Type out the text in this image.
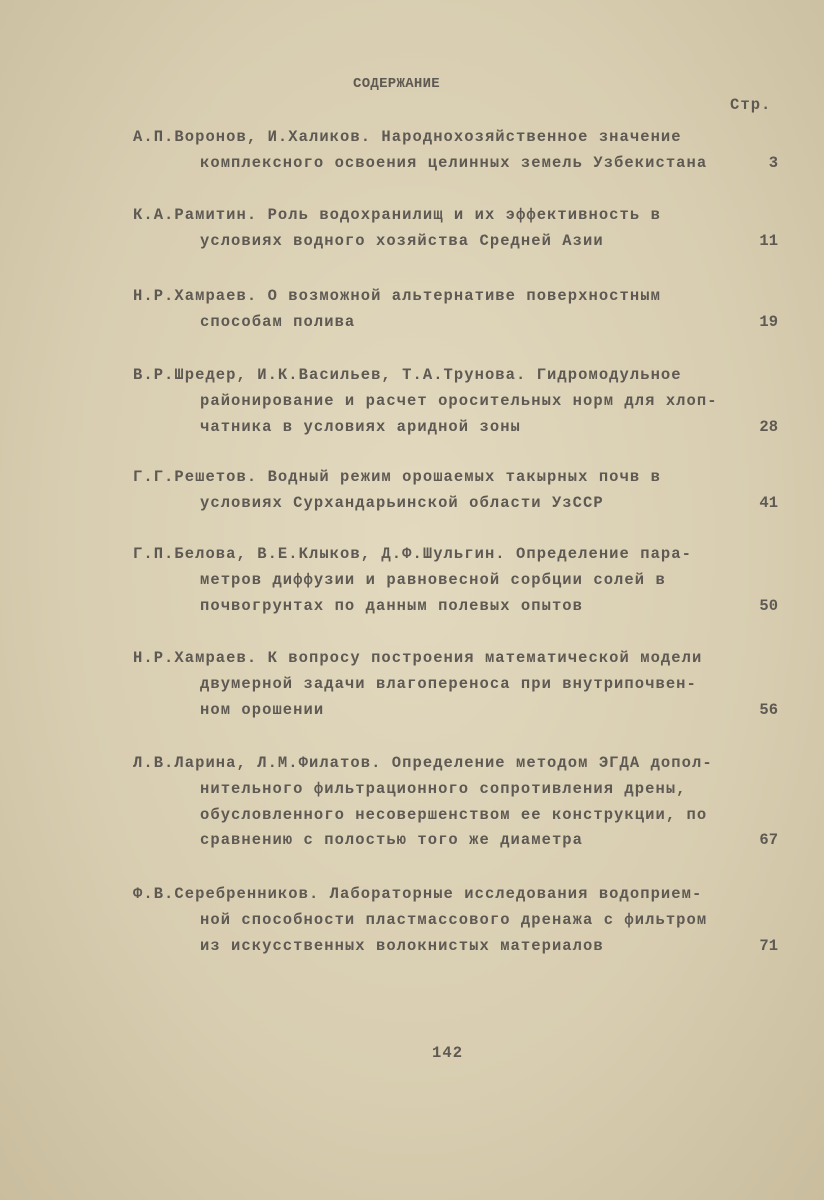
СОДЕРЖАНИЕ
Стр.
А.П.Воронов, И.Халиков. Народнохозяйственное значение
комплексного освоения целинных земель Узбекистана	3
К.А.Рамитин. Роль водохранилищ и их эффективность в
условиях водного хозяйства Средней Азии	11
Н.Р.Хамраев. О возможной альтернативе поверхностным
способам полива	19
В.Р.Шредер, И.К.Васильев, Т.А.Трунова. Гидромодульное
районирование и расчет оросительных норм для хлоп-
чатника в условиях аридной зоны	28
Г.Г.Решетов. Водный режим орошаемых такырных почв в
условиях Сурхандарьинской области УзССР	41
Г.П.Белова, В.Е.Клыков, Д.Ф.Шульгин. Определение пара-
метров диффузии и равновесной сорбции солей в
почвогрунтах по данным полевых опытов	50
Н.Р.Хамраев. К вопросу построения математической модели
двумерной задачи влагопереноса при внутрипочвен-
ном орошении	56
Л.В.Ларина, Л.М.Филатов. Определение методом ЭГДА допол-
нительного фильтрационного сопротивления дрены,
обусловленного несовершенством ее конструкции, по
сравнению с полостью того же диаметра	67
Ф.В.Серебренников. Лабораторные исследования водоприем-
ной способности пластмассового дренажа с фильтром
из искусственных волокнистых материалов	71
142
